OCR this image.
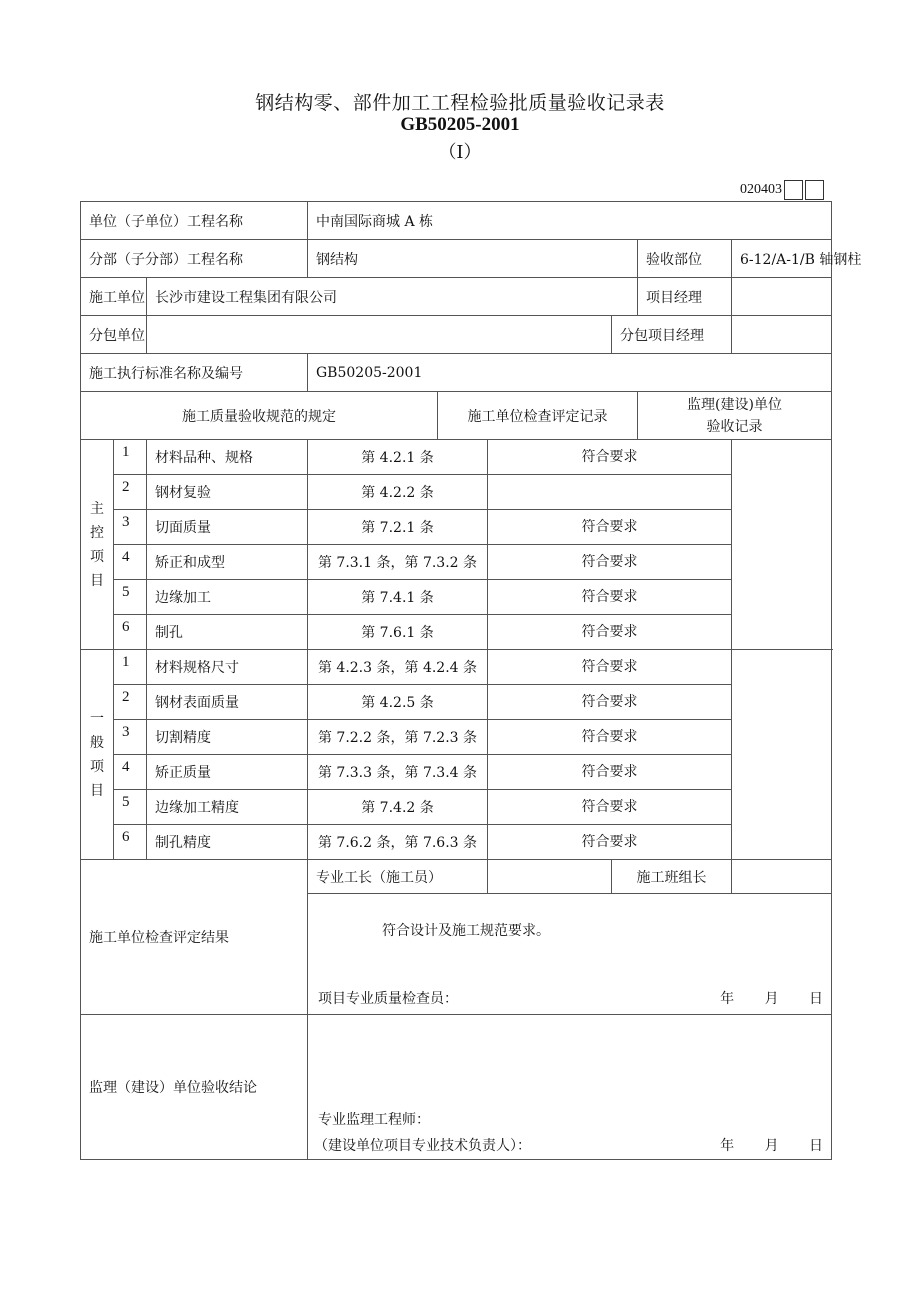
钢结构零、部件加工工程检验批质量验收记录表
GB50205-2001
（Ⅰ）
020403
单位（子单位）工程名称			中南国际商城 A 栋					
分部（子分部）工程名称			钢结构				验收部位	6-12/A-1/B 轴钢柱
施工单位		长沙市建设工程集团有限公司					项目经理	
分包单位						分包项目经理		
施工执行标准名称及编号			GB50205-2001					
施工质量验收规范的规定				施工单位检查评定记录			监理(建设)单位
验收记录	

主
控
项
目	1	材料品种、规格	第 4.2.1 条		符合要求			
	2	钢材复验	第 4.2.2 条					
	3	切面质量	第 7.2.1 条		符合要求			
	4	矫正和成型	第 7.3.1 条，第 7.3.2 条		符合要求			
	5	边缘加工	第 7.4.1 条		符合要求			
	6	制孔	第 7.6.1 条		符合要求			

一
般
项
目	1	材料规格尺寸	第 4.2.3 条，第 4.2.4 条		符合要求			
	2	钢材表面质量	第 4.2.5 条		符合要求			
	3	切割精度	第 7.2.2 条，第 7.2.3 条		符合要求			
	4	矫正质量	第 7.3.3 条，第 7.3.4 条		符合要求			
	5	边缘加工精度	第 7.4.2 条		符合要求			
	6	制孔精度	第 7.6.2 条，第 7.6.3 条		符合要求			
施工单位检查评定结果			专业工长（施工员）			施工班组长		

			符合设计及施工规范要求。
项目专业质量检查员： 年 月 日					

监理（建设）单位验收结论			专业监理工程师：
（建设单位项目专业技术负责人）： 年 月 日					
